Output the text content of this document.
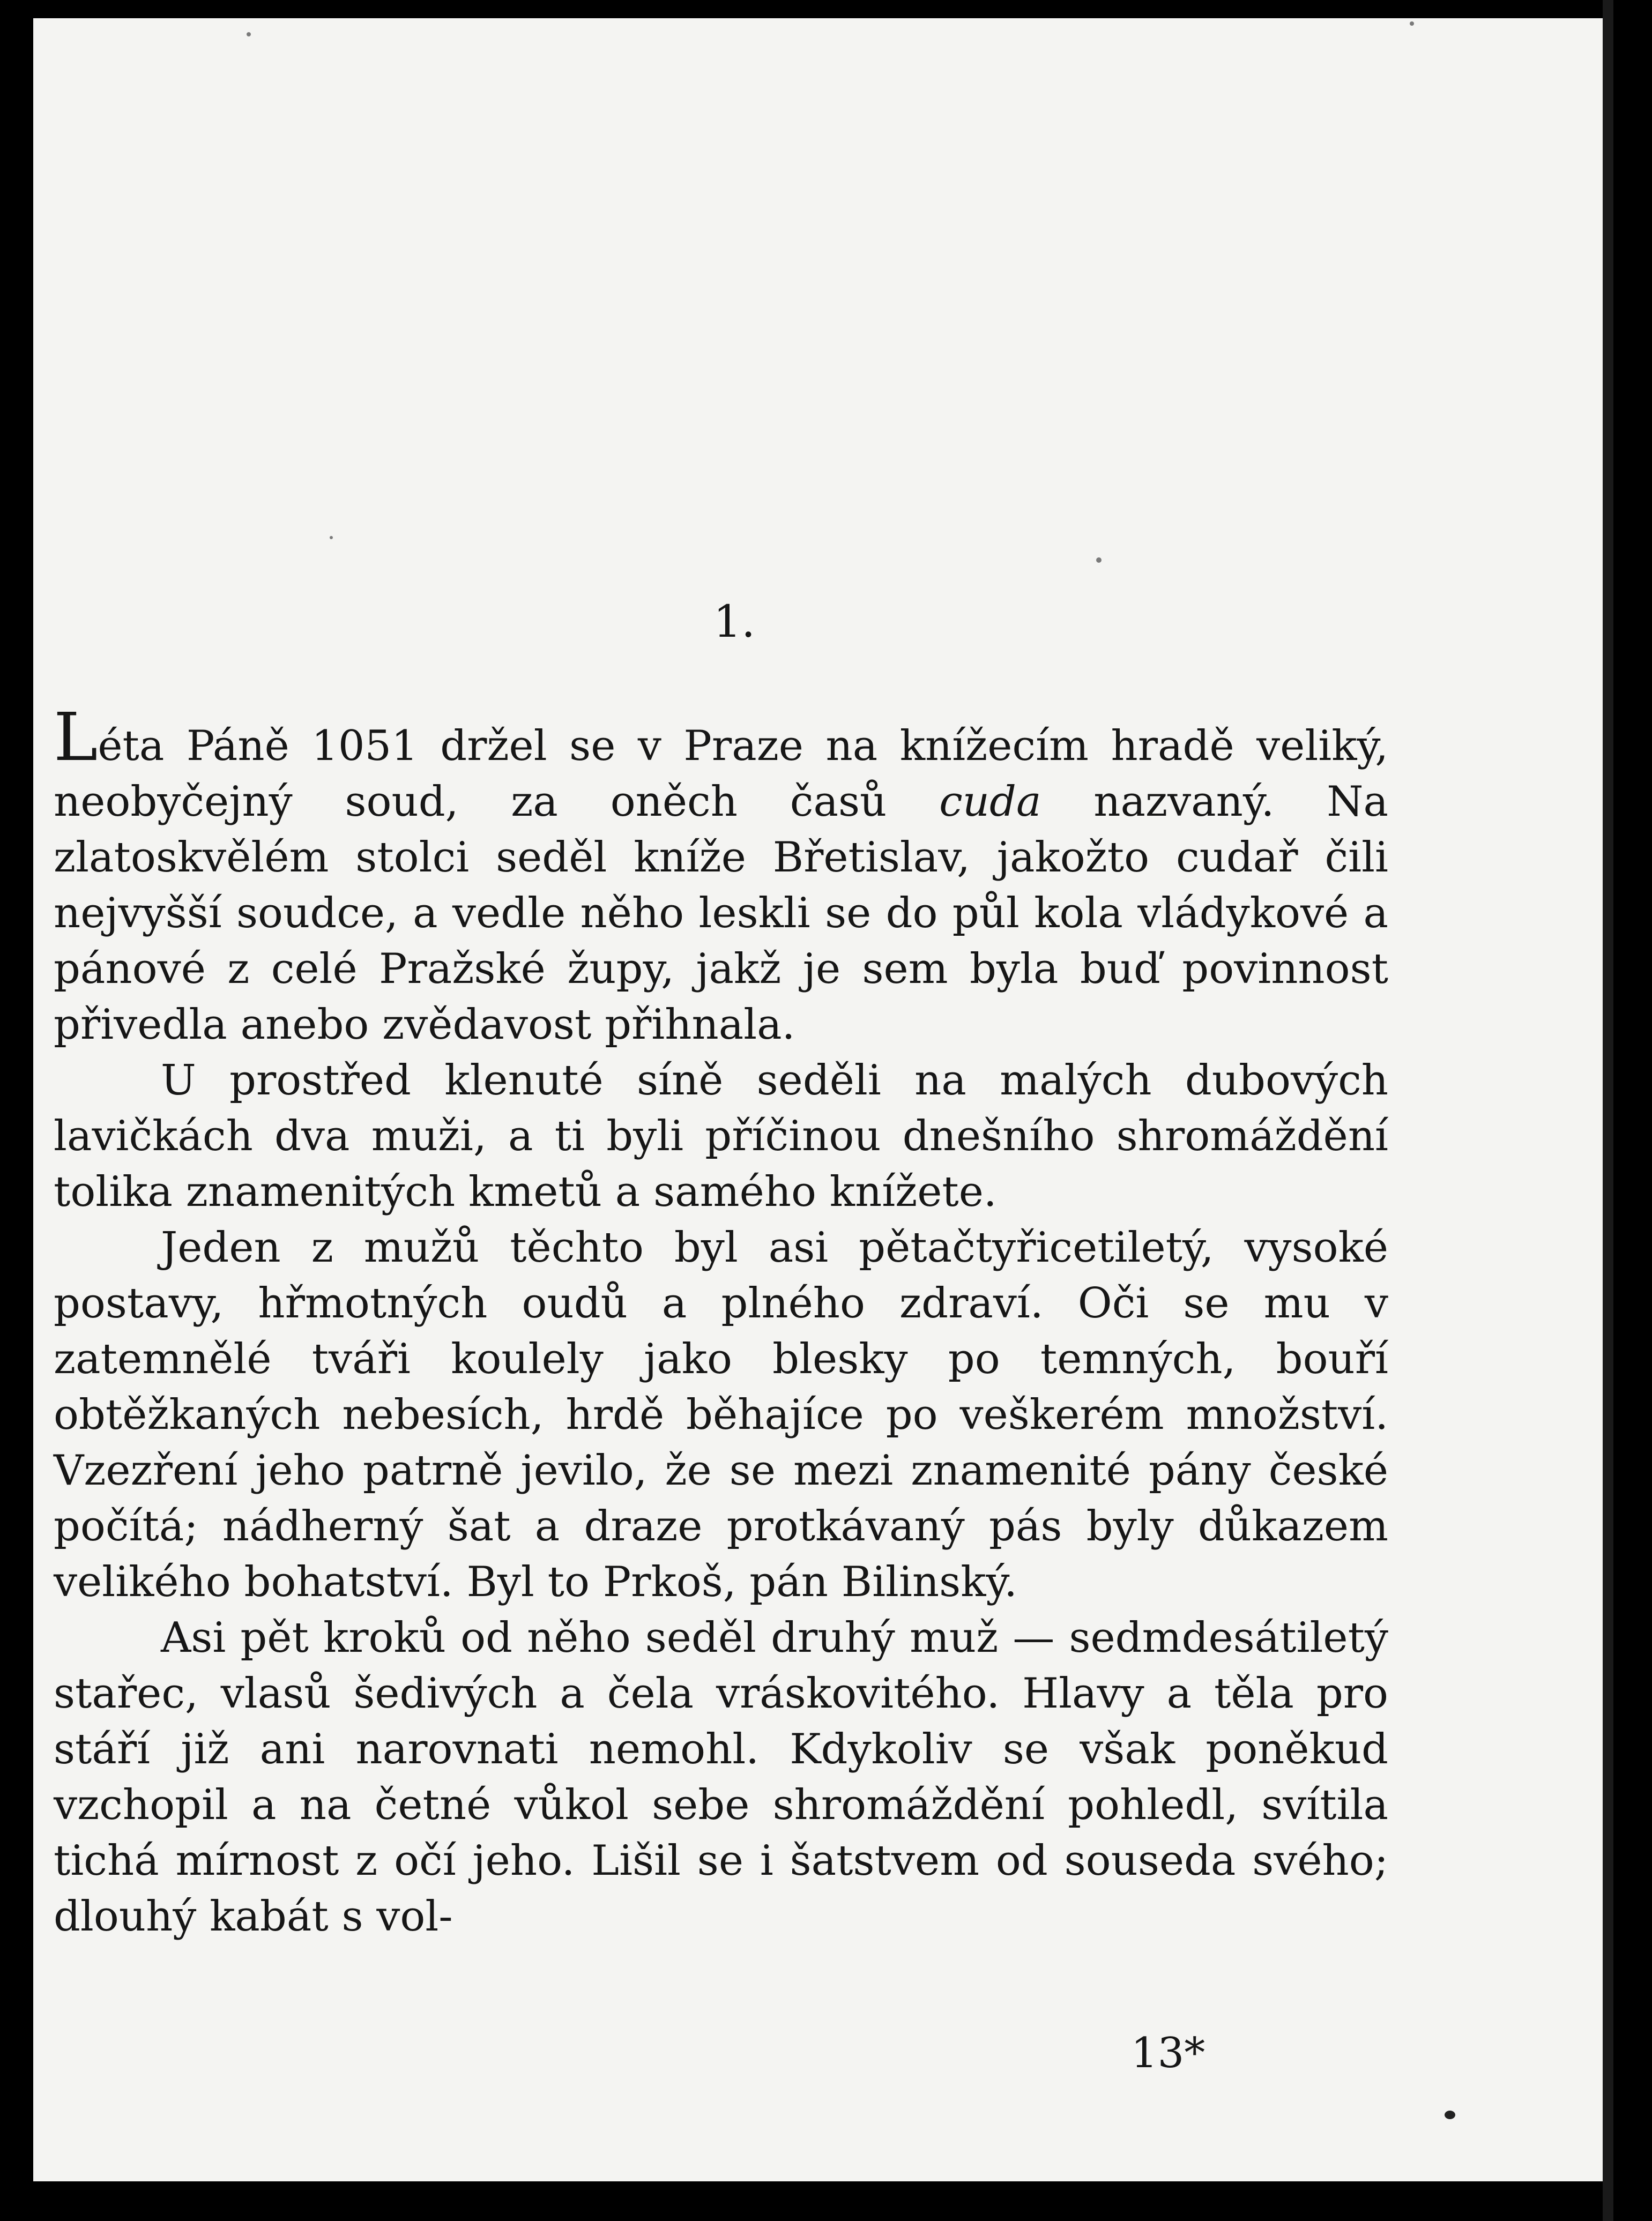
1.

Léta Páně 1051 držel se v Praze na knížecím hradě veliký, neobyčejný soud, za oněch časů cuda nazvaný. Na zlatoskvělém stolci seděl kníže Břetislav, jakožto cudař čili nejvyšší soudce, a vedle něho leskli se do půl kola vládykové a pánové z celé Pražské župy, jakž je sem byla buď povinnost přivedla anebo zvědavost přihnala.

U prostřed klenuté síně seděli na malých dubových lavičkách dva muži, a ti byli příčinou dnešního shromáždění tolika znamenitých kmetů a samého knížete.

Jeden z mužů těchto byl asi pětačtyřicetiletý, vysoké postavy, hřmotných oudů a plného zdraví. Oči se mu v zatemnělé tváři koulely jako blesky po temných, bouří obtěžkaných nebesích, hrdě běhajíce po veškerém množství. Vzezření jeho patrně jevilo, že se mezi znamenité pány české počítá; nádherný šat a draze protkávaný pás byly důkazem velikého bohatství. Byl to Prkoš, pán Bilinský.

Asi pět kroků od něho seděl druhý muž — sedmdesátiletý stařec, vlasů šedivých a čela vráskovitého. Hlavy a těla pro stáří již ani narovnati nemohl. Kdykoliv se však poněkud vzchopil a na četné vůkol sebe shromáždění pohledl, svítila tichá mírnost z očí jeho. Lišil se i šatstvem od souseda svého; dlouhý kabát s vol-

13*
